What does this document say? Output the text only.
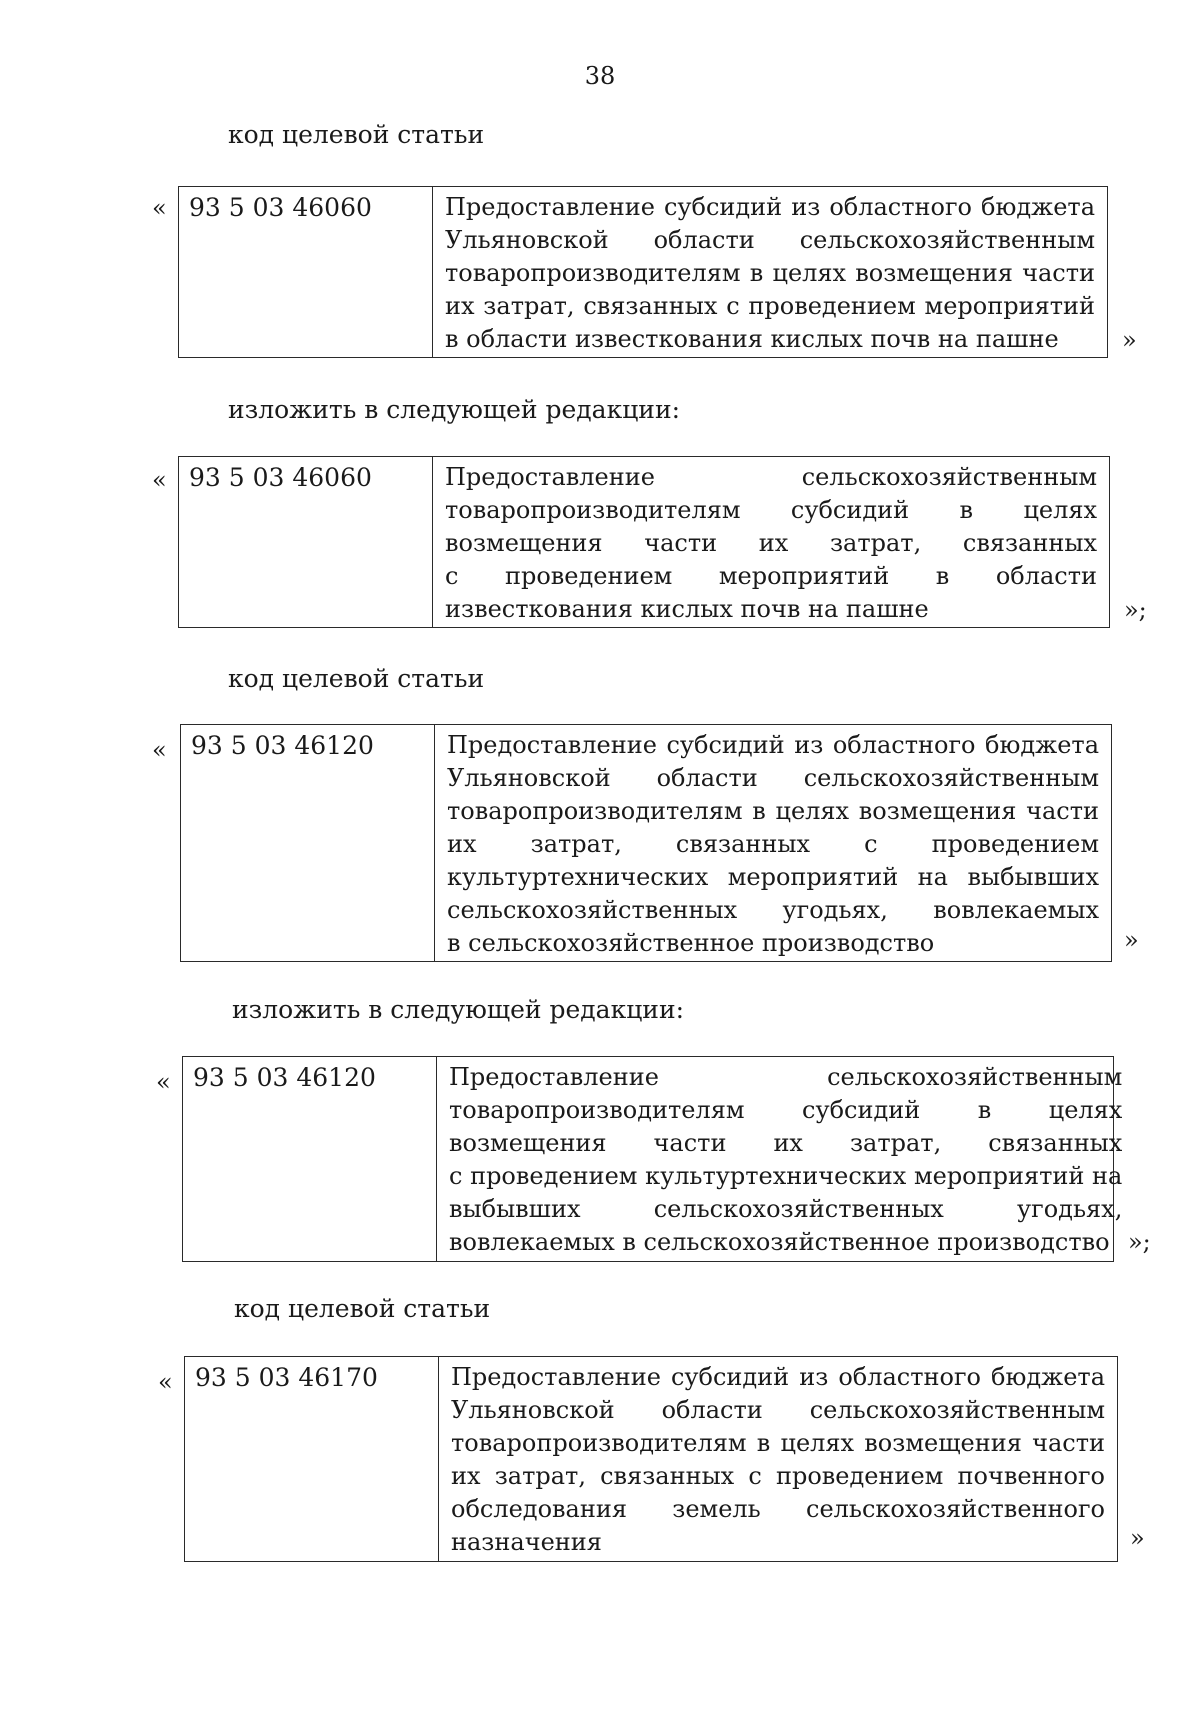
38
код целевой статьи
« 93 5 03 46060	Предоставление субсидий из областного бюджета
Ульяновской области сельскохозяйственным
товаропроизводителям в целях возмещения части
их затрат, связанных с проведением мероприятий
в области известкования кислых почв на пашне	»
изложить в следующей редакции:
« 93 5 03 46060	Предоставление сельскохозяйственным
товаропроизводителям субсидий в целях
возмещения части их затрат, связанных
с проведением мероприятий в области
известкования кислых почв на пашне	»;
код целевой статьи
« 93 5 03 46120	Предоставление субсидий из областного бюджета
Ульяновской области сельскохозяйственным
товаропроизводителям в целях возмещения части
их затрат, связанных с проведением
культуртехнических мероприятий на выбывших
сельскохозяйственных угодьях, вовлекаемых
в сельскохозяйственное производство	»
изложить в следующей редакции:
« 93 5 03 46120	Предоставление сельскохозяйственным
товаропроизводителям субсидий в целях
возмещения части их затрат, связанных
с проведением культуртехнических мероприятий на
выбывших сельскохозяйственных угодьях,
вовлекаемых в сельскохозяйственное производство »;
код целевой статьи
« 93 5 03 46170	Предоставление субсидий из областного бюджета
Ульяновской области сельскохозяйственным
товаропроизводителям в целях возмещения части
их затрат, связанных с проведением почвенного
обследования земель сельскохозяйственного
назначения	»
